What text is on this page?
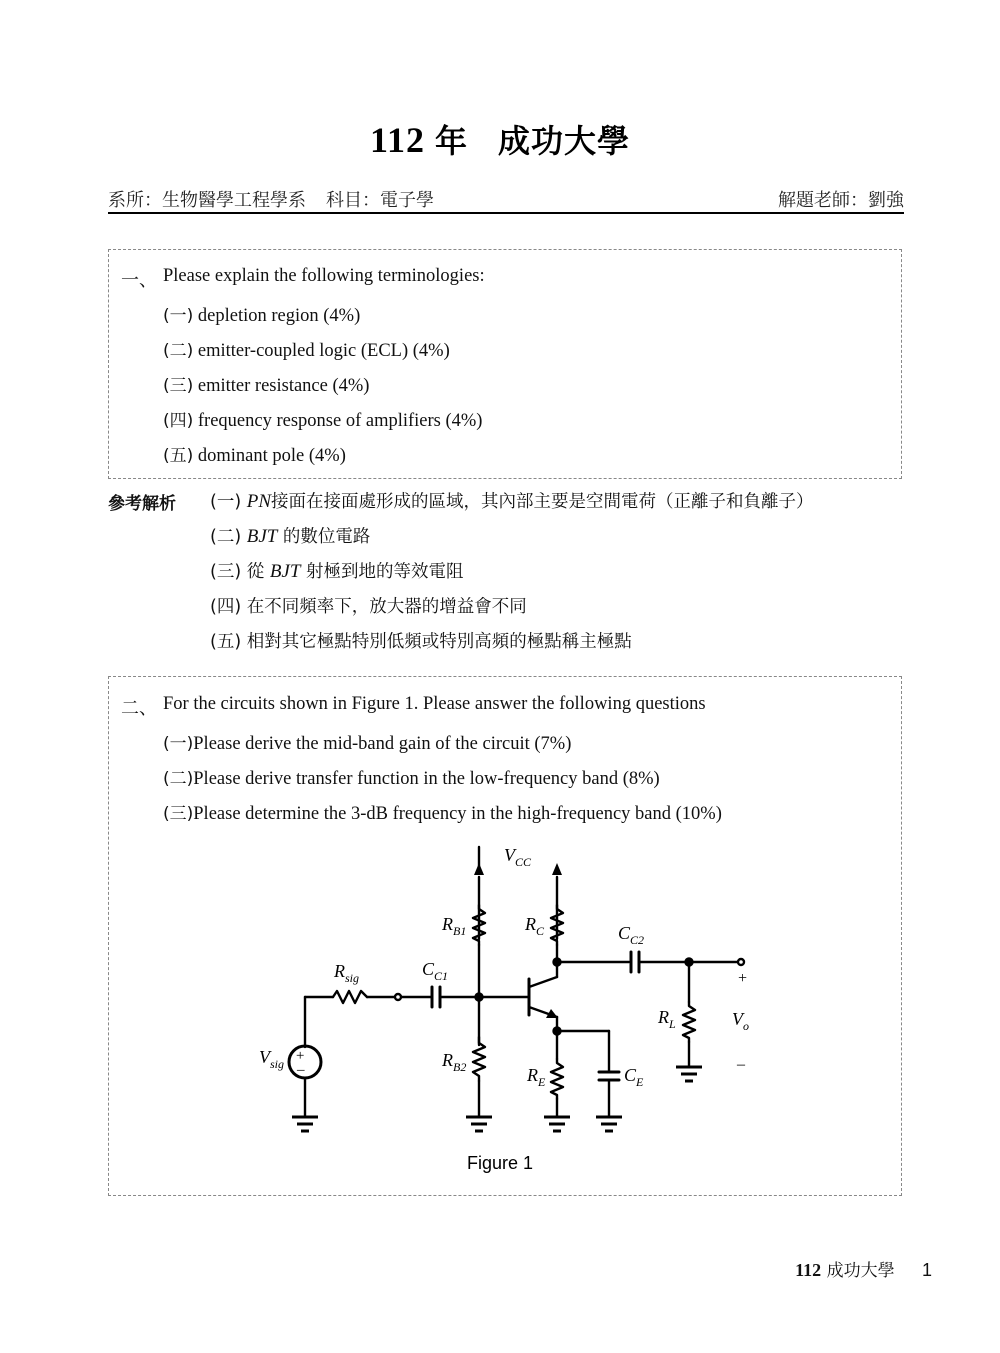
112 年 成功大學
系所：生物醫學工程學系 科目：電子學	解題老師：劉強
一、 Please explain the following terminologies:
(一) depletion region (4%)
(二) emitter-coupled logic (ECL) (4%)
(三) emitter resistance (4%)
(四) frequency response of amplifiers (4%)
(五) dominant pole (4%)
參考解析 (一) PN接面在接面處形成的區域，其內部主要是空間電荷（正離子和負離子）
(二) BJT 的數位電路
(三) 從 BJT 射極到地的等效電阻
(四) 在不同頻率下，放大器的增益會不同
(五) 相對其它極點特別低頻或特別高頻的極點稱主極點
二、 For the circuits shown in Figure 1. Please answer the following questions
(一)Please derive the mid-band gain of the circuit (7%)
(二)Please derive transfer function in the low-frequency band (8%)
(三)Please determine the 3-dB frequency in the high-frequency band (10%)
+
–
$V_{CC}$
$R_{B1}$	$R_C$	$C_{C2}$
$R_{sig}$	$C_{C1}$
$R_L$	$V_o$
+
–
$V_{sig}$	$R_{B2}$	$R_E$	$C_E$
Figure 1
112 成功大學 1
